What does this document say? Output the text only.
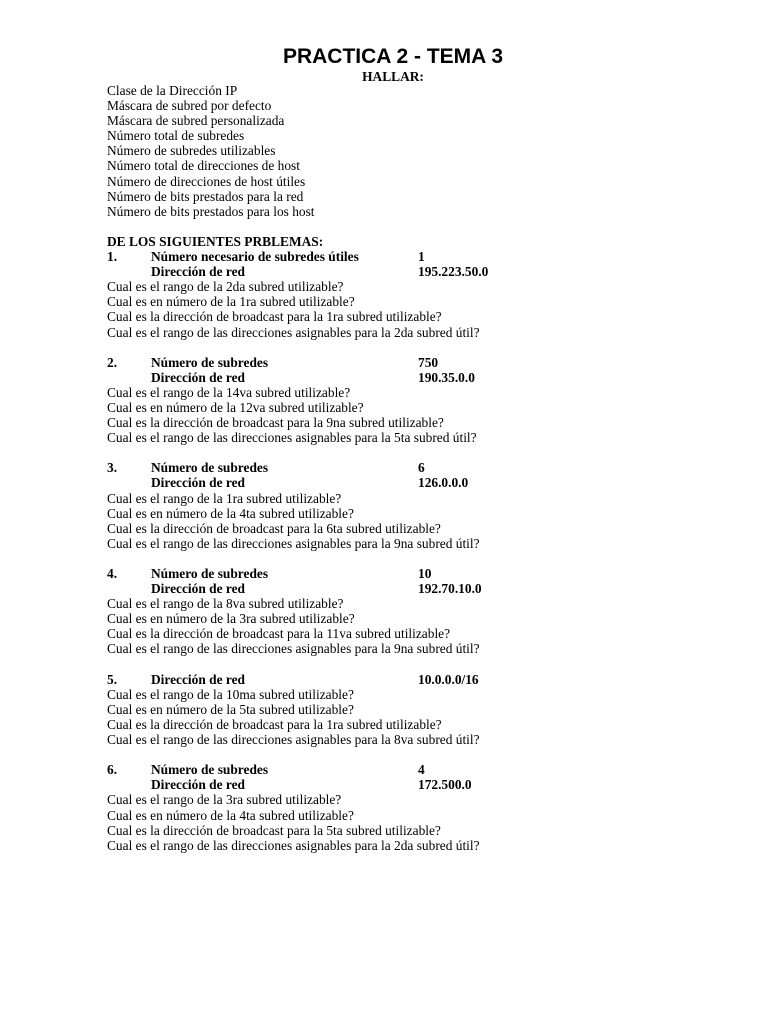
PRACTICA 2 - TEMA 3
HALLAR:
Clase de la Dirección IP
Máscara de subred por defecto
Máscara de subred personalizada
Número total de subredes
Número de subredes utilizables
Número total de direcciones de host
Número de direcciones de host útiles
Número de bits prestados para la red
Número de bits prestados para los host
DE LOS SIGUIENTES PRBLEMAS:
1.	Número necesario de subredes útiles	1
Dirección de red	195.223.50.0
Cual es el rango de la 2da subred utilizable?
Cual es en número de la 1ra subred utilizable?
Cual es la dirección de broadcast para la 1ra subred utilizable?
Cual es el rango de las direcciones asignables para la 2da subred útil?
2.	Número de subredes	750
Dirección de red	190.35.0.0
Cual es el rango de la 14va subred utilizable?
Cual es en número de la 12va subred utilizable?
Cual es la dirección de broadcast para la 9na subred utilizable?
Cual es el rango de las direcciones asignables para la 5ta subred útil?
3.	Número de subredes	6
Dirección de red	126.0.0.0
Cual es el rango de la 1ra subred utilizable?
Cual es en número de la 4ta subred utilizable?
Cual es la dirección de broadcast para la 6ta subred utilizable?
Cual es el rango de las direcciones asignables para la 9na subred útil?
4.	Número de subredes	10
Dirección de red	192.70.10.0
Cual es el rango de la 8va subred utilizable?
Cual es en número de la 3ra subred utilizable?
Cual es la dirección de broadcast para la 11va subred utilizable?
Cual es el rango de las direcciones asignables para la 9na subred útil?
5.	Dirección de red	10.0.0.0/16
Cual es el rango de la 10ma subred utilizable?
Cual es en número de la 5ta subred utilizable?
Cual es la dirección de broadcast para la 1ra subred utilizable?
Cual es el rango de las direcciones asignables para la 8va subred útil?
6.	Número de subredes	4
Dirección de red	172.500.0
Cual es el rango de la 3ra subred utilizable?
Cual es en número de la 4ta subred utilizable?
Cual es la dirección de broadcast para la 5ta subred utilizable?
Cual es el rango de las direcciones asignables para la 2da subred útil?
